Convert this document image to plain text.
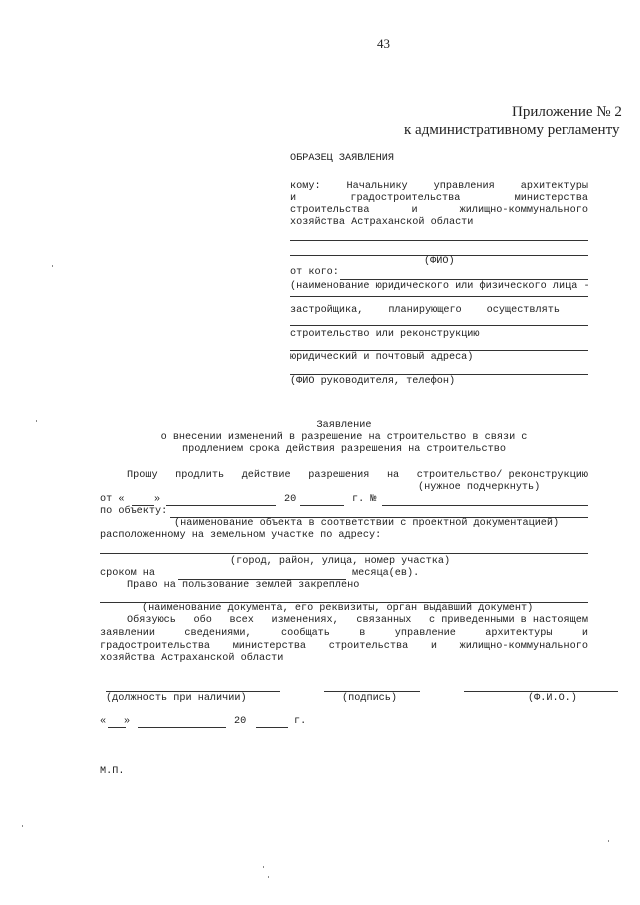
43
Приложение № 2
к административному регламенту
ОБРАЗЕЦ ЗАЯВЛЕНИЯ
кому:	Начальнику	управления	архитектуры
и	градостроительства	министерства
строительства	и	жилищно-коммунального
хозяйства Астраханской области
(ФИО)
от кого:
(наименование юридического или физического лица -
застройщика, планирующего осуществлять
строительство или реконструкцию
юридический и почтовый адреса)
(ФИО руководителя, телефон)
Заявление
о внесении изменений в разрешение на строительство в связи с
продлением срока действия разрешения на строительство
Прошу продлить действие разрешения на строительство/ реконструкцию
(нужное подчеркнуть)
от «	»	20	г. №
по объекту:
(наименование объекта в соответствии с проектной документацией)
расположенному на земельном участке по адресу:
(город, район, улица, номер участка)
сроком на	месяца(ев).
Право на пользование землей закреплено
(наименование документа, его реквизиты, орган выдавший документ)
Обязуюсь обо всех изменениях, связанных с приведенными в настоящем
заявлении	сведениями,	сообщать	в	управление	архитектуры	и
градостроительства министерства строительства и жилищно-коммунального
хозяйства Астраханской области
(должность при наличии)	(подпись)	(Ф.И.О.)
« »	20	г.
М.П.
